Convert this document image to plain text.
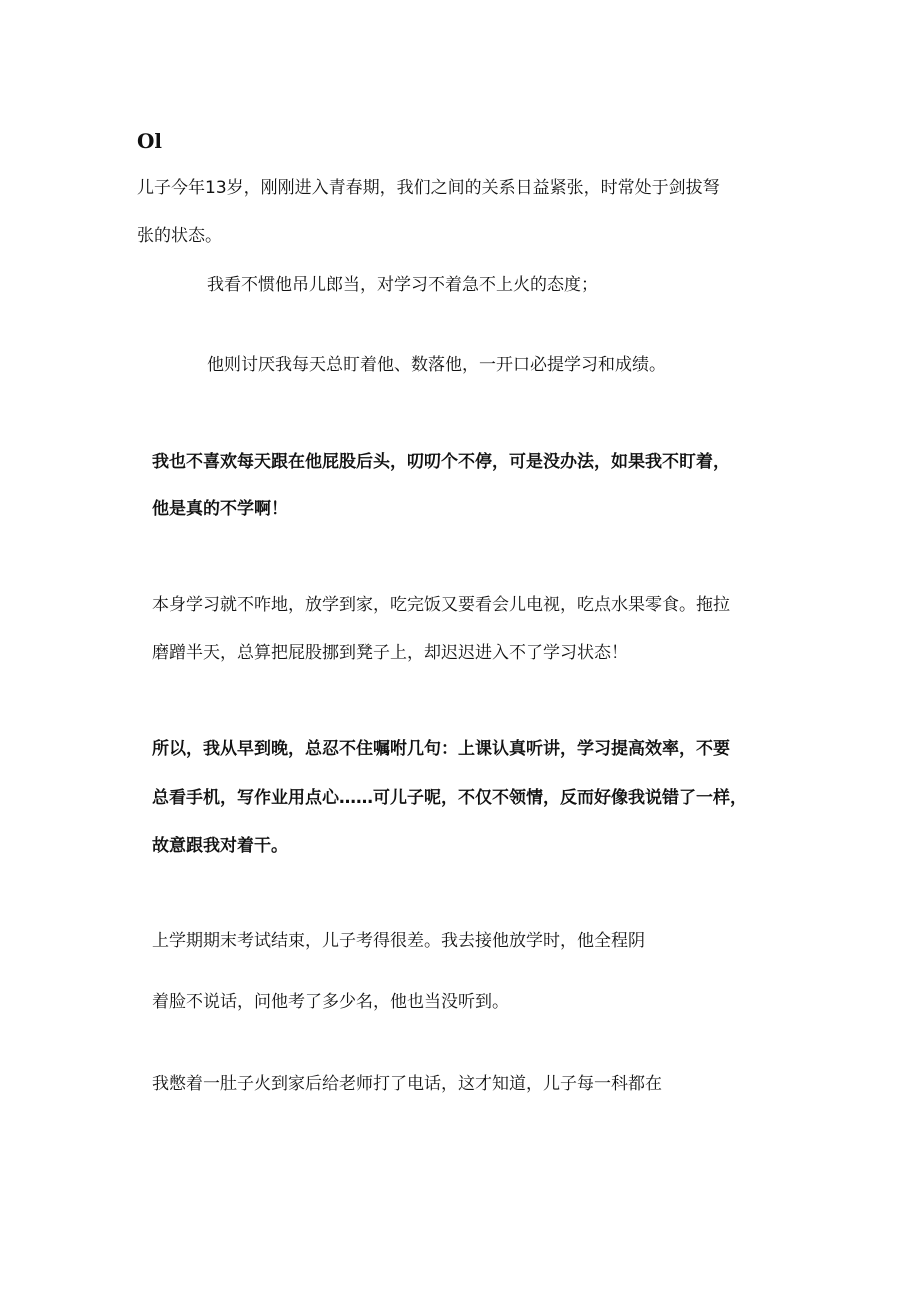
Ol
儿子今年13岁，刚刚进入青春期，我们之间的关系日益紧张，时常处于剑拔弩
张的状态。
我看不惯他吊儿郎当，对学习不着急不上火的态度；
他则讨厌我每天总盯着他、数落他，一开口必提学习和成绩。
我也不喜欢每天跟在他屁股后头，叨叨个不停，可是没办法，如果我不盯着，
他是真的不学啊！
本身学习就不咋地，放学到家，吃完饭又要看会儿电视，吃点水果零食。拖拉
磨蹭半天，总算把屁股挪到凳子上，却迟迟进入不了学习状态！
所以，我从早到晚，总忍不住嘱咐几句：上课认真听讲，学习提高效率，不要
总看手机，写作业用点心……可儿子呢，不仅不领情，反而好像我说错了一样，
故意跟我对着干。
上学期期末考试结束，儿子考得很差。我去接他放学时，他全程阴
着脸不说话，问他考了多少名，他也当没听到。
我憋着一肚子火到家后给老师打了电话，这才知道，儿子每一科都在
